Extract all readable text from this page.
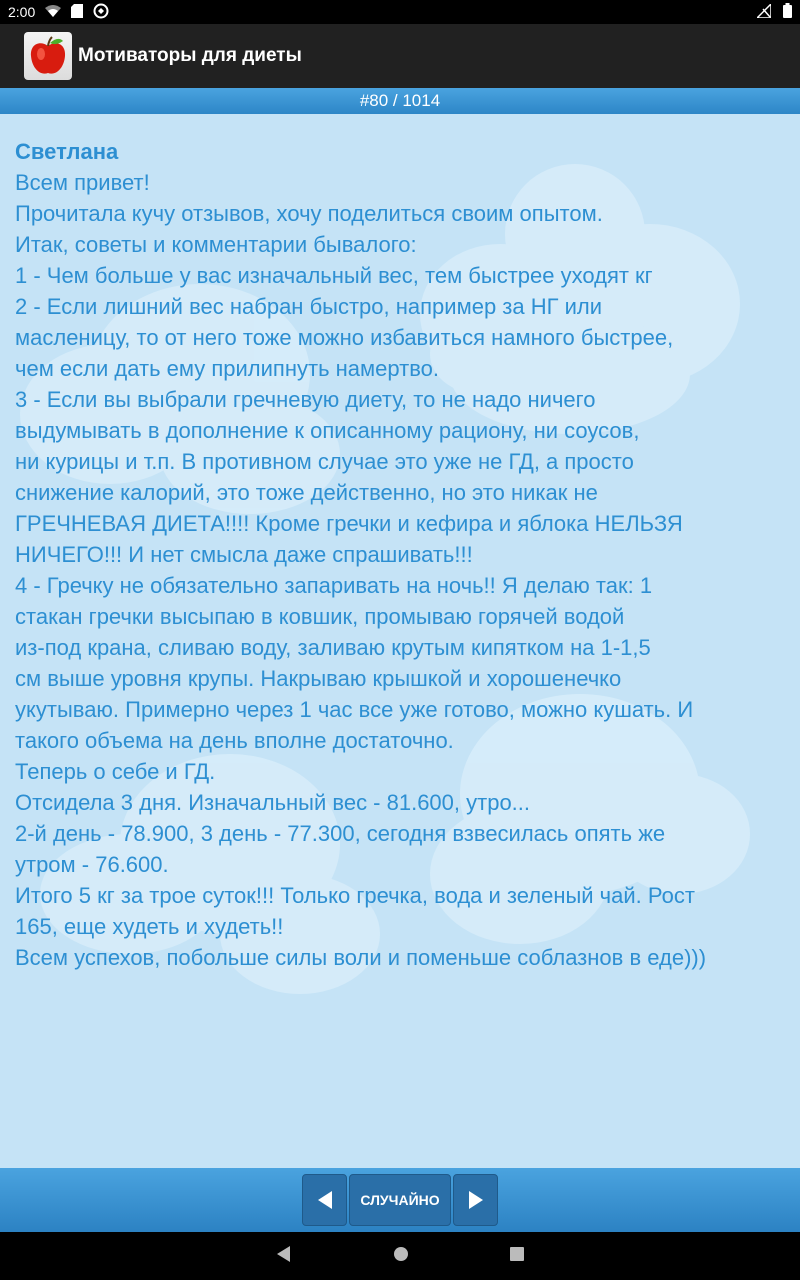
2:00
Мотиваторы для диеты
#80 / 1014
Светлана
Всем привет!
Прочитала кучу отзывов, хочу поделиться своим опытом.
Итак, советы и комментарии бывалого:
1 - Чем больше у вас изначальный вес, тем быстрее уходят кг
2 - Если лишний вес набран быстро, например за НГ или
масленицу, то от него тоже можно избавиться намного быстрее,
чем если дать ему прилипнуть намертво.
3 - Если вы выбрали гречневую диету, то не надо ничего
выдумывать в дополнение к описанному рациону, ни соусов,
ни курицы и т.п. В противном случае это уже не ГД, а просто
снижение калорий, это тоже действенно, но это никак не
ГРЕЧНЕВАЯ ДИЕТА!!!! Кроме гречки и кефира и яблока НЕЛЬЗЯ
НИЧЕГО!!! И нет смысла даже спрашивать!!!
4 - Гречку не обязательно запаривать на ночь!! Я делаю так: 1
стакан гречки высыпаю в ковшик, промываю горячей водой
из-под крана, сливаю воду, заливаю крутым кипятком на 1-1,5
см выше уровня крупы. Накрываю крышкой и хорошенечко
укутываю. Примерно через 1 час все уже готово, можно кушать. И
такого объема на день вполне достаточно.
Теперь о себе и ГД.
Отсидела 3 дня. Изначальный вес - 81.600, утро...
2-й день - 78.900, 3 день - 77.300, сегодня взвесилась опять же
утром - 76.600.
Итого 5 кг за трое суток!!! Только гречка, вода и зеленый чай. Рост
165, еще худеть и худеть!!
Всем успехов, побольше силы воли и поменьше соблазнов в еде)))
СЛУЧАЙНО
